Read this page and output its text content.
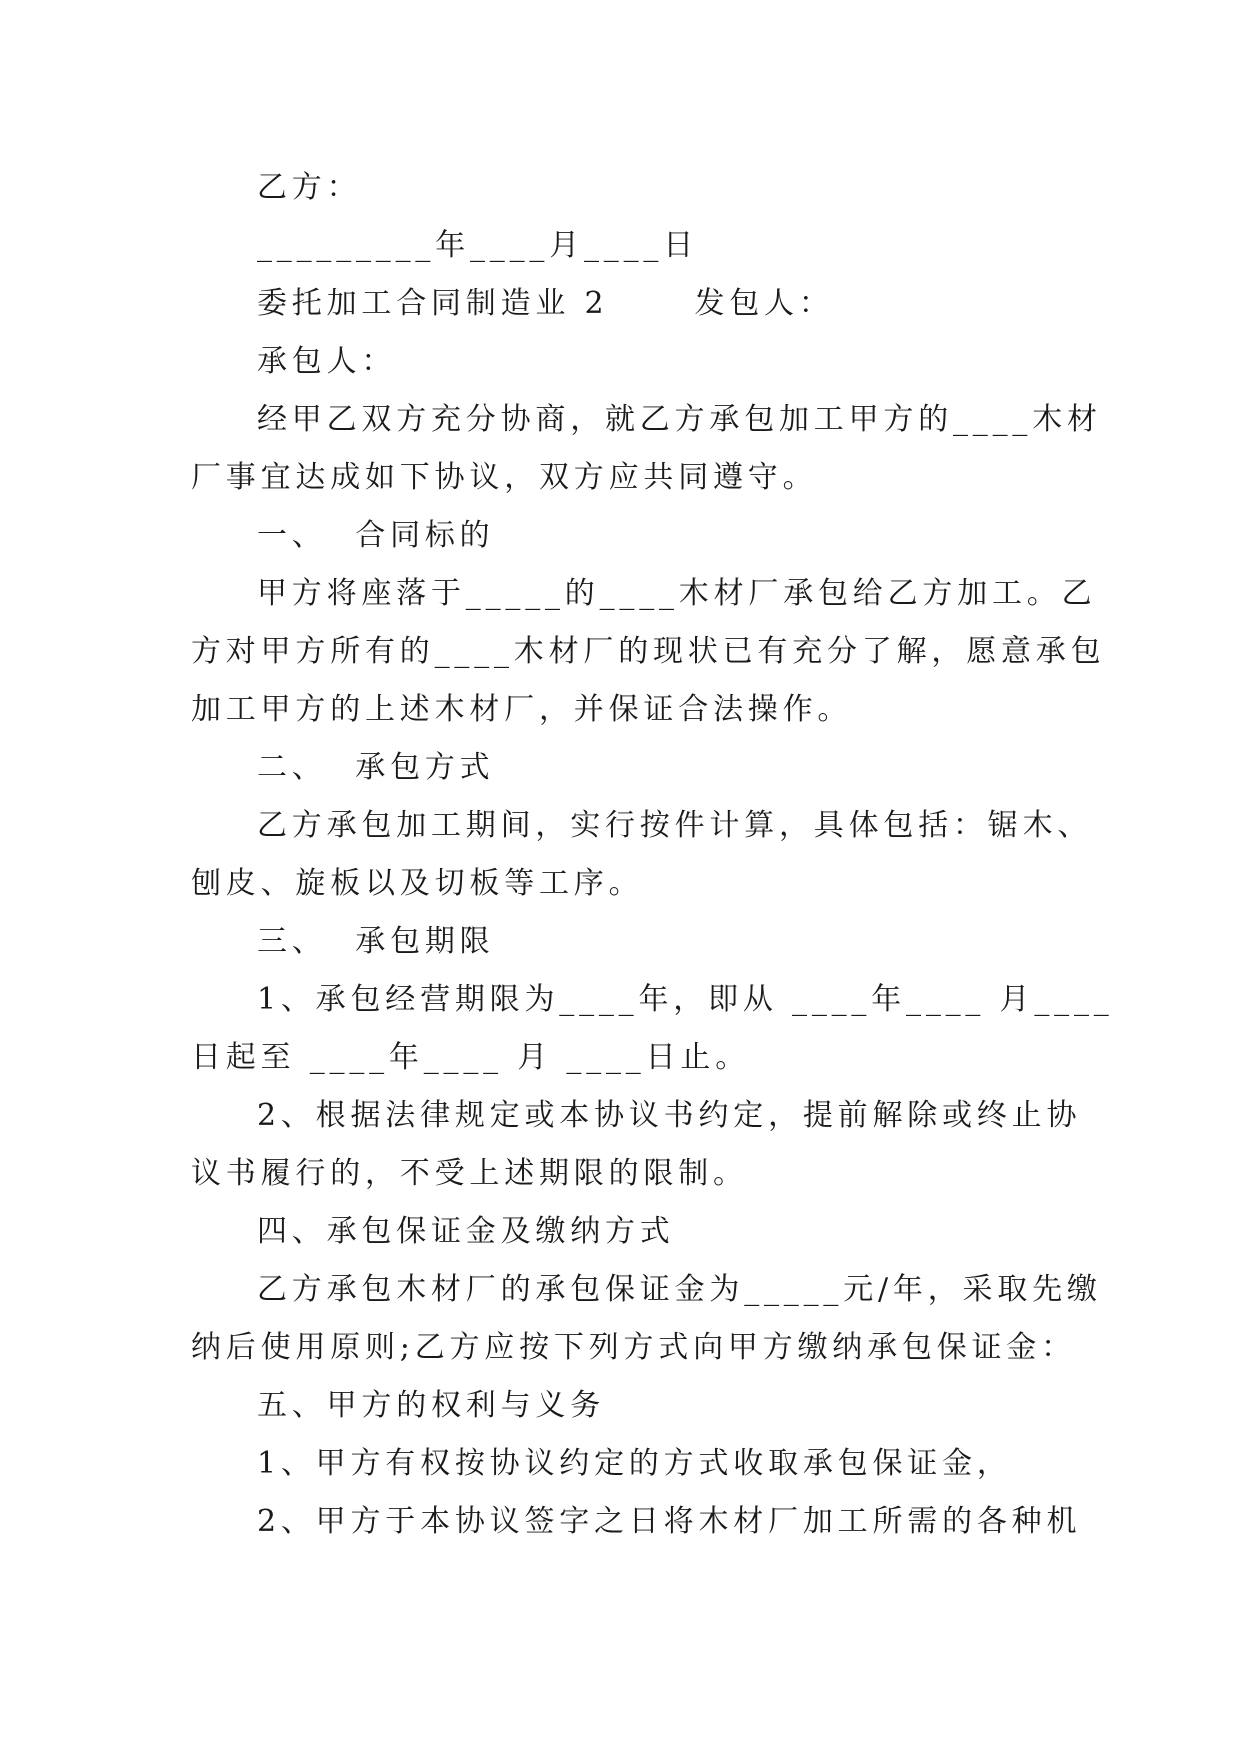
乙方：
_________年____月____日
委托加工合同制造业 2      发包人：
承包人：
经甲乙双方充分协商，就乙方承包加工甲方的____木材
厂事宜达成如下协议，双方应共同遵守。
一、  合同标的
甲方将座落于_____的____木材厂承包给乙方加工。乙
方对甲方所有的____木材厂的现状已有充分了解，愿意承包
加工甲方的上述木材厂，并保证合法操作。
二、  承包方式
乙方承包加工期间，实行按件计算，具体包括：锯木、
刨皮、旋板以及切板等工序。
三、  承包期限
1、承包经营期限为____年，即从 ____年____ 月____
日起至 ____年____ 月 ____日止。
2、根据法律规定或本协议书约定，提前解除或终止协
议书履行的，不受上述期限的限制。
四、承包保证金及缴纳方式
乙方承包木材厂的承包保证金为_____元/年，采取先缴
纳后使用原则;乙方应按下列方式向甲方缴纳承包保证金：
五、甲方的权利与义务
1、甲方有权按协议约定的方式收取承包保证金，
2、甲方于本协议签字之日将木材厂加工所需的各种机
